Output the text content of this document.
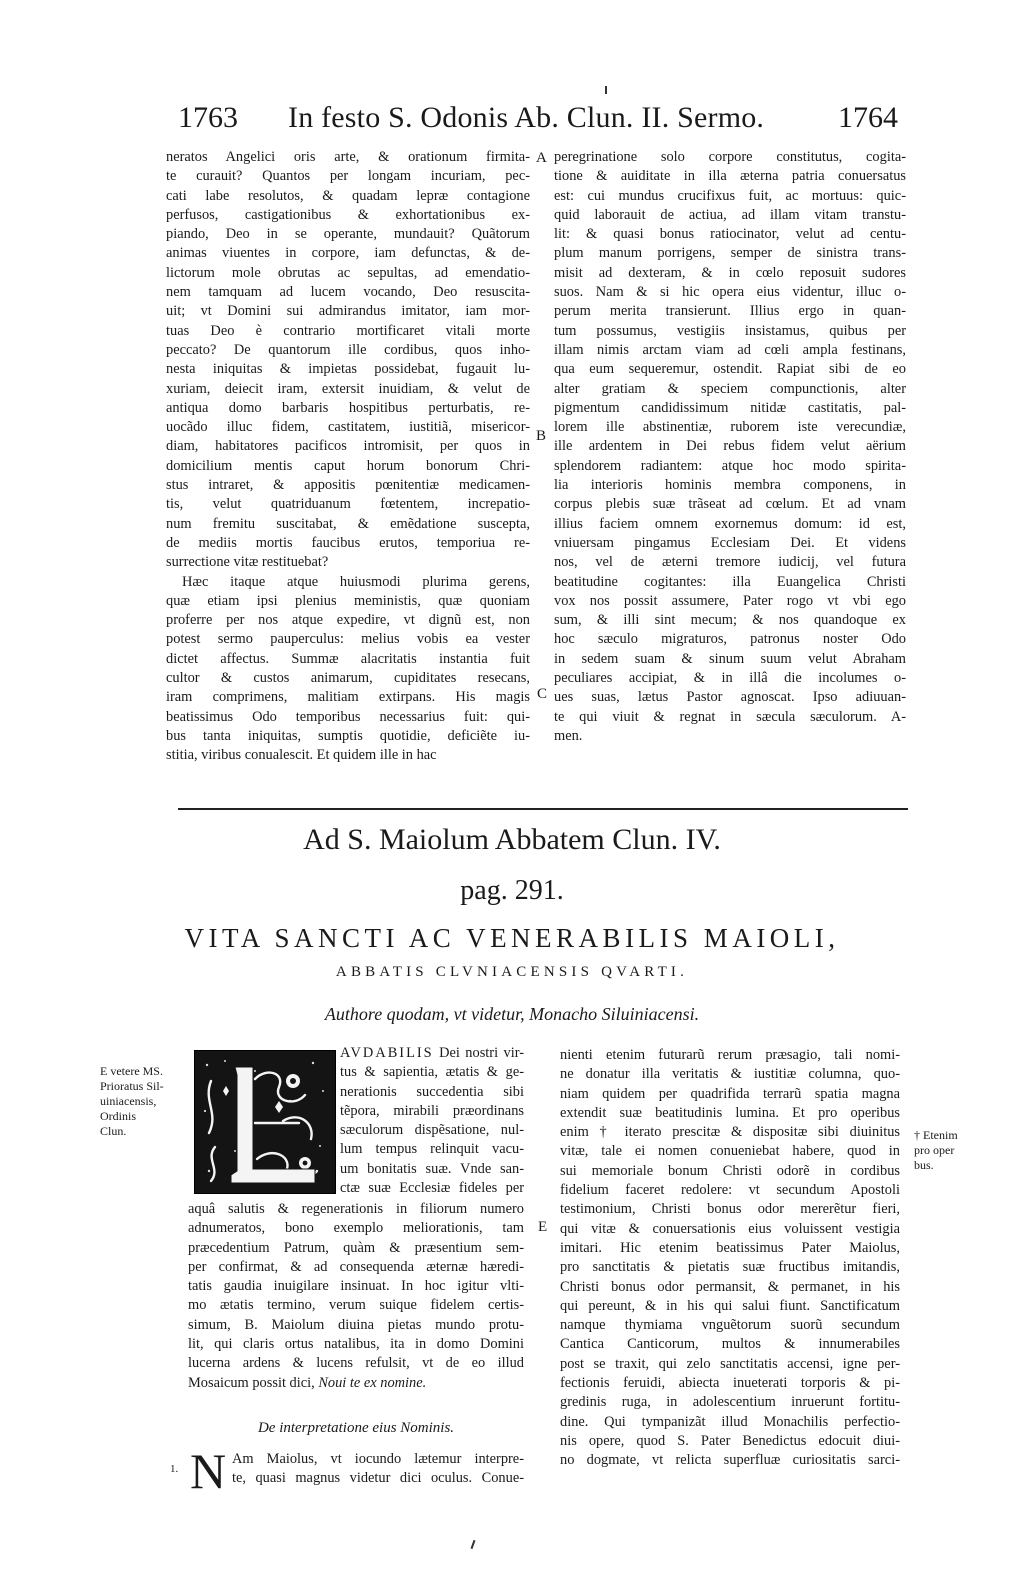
1763 In festo S. Odonis Ab. Clun. II. Sermo. 1764
neratos Angelici oris arte, & orationum firmita-
te curauit? Quantos per longam incuriam, pec-
cati labe resolutos, & quadam lepræ contagione
perfusos, castigationibus & exhortationibus ex-
piando, Deo in se operante, mundauit? Quãtorum
animas viuentes in corpore, iam defunctas, & de-
lictorum mole obrutas ac sepultas, ad emendatio-
nem tamquam ad lucem vocando, Deo resuscita-
uit; vt Domini sui admirandus imitator, iam mor-
tuas Deo è contrario mortificaret vitali morte
peccato? De quantorum ille cordibus, quos inho-
nesta iniquitas & impietas possidebat, fugauit lu-
xuriam, deiecit iram, extersit inuidiam, & velut de
antiqua domo barbaris hospitibus perturbatis, re-
uocãdo illuc fidem, castitatem, iustitiã, misericor-
diam, habitatores pacificos intromisit, per quos in
domicilium mentis caput horum bonorum Chri-
stus intraret, & appositis pœnitentiæ medicamen-
tis, velut quatriduanum fœtentem, increpatio-
num fremitu suscitabat, & emẽdatione suscepta,
de mediis mortis faucibus erutos, temporiua re-
surrectione vitæ restituebat?
Hæc itaque atque huiusmodi plurima gerens,
quæ etiam ipsi plenius meministis, quæ quoniam
proferre per nos atque expedire, vt dignũ est, non
potest sermo pauperculus: melius vobis ea vester
dictet affectus. Summæ alacritatis instantia fuit
cultor & custos animarum, cupiditates resecans,
iram comprimens, malitiam extirpans. His magis
beatissimus Odo temporibus necessarius fuit: qui-
bus tanta iniquitas, sumptis quotidie, deficiẽte iu-
stitia, viribus conualescit. Et quidem ille in hac
peregrinatione solo corpore constitutus, cogita-
tione & auiditate in illa æterna patria conuersatus
est: cui mundus crucifixus fuit, ac mortuus: quic-
quid laborauit de actiua, ad illam vitam transtu-
lit: & quasi bonus ratiocinator, velut ad centu-
plum manum porrigens, semper de sinistra trans-
misit ad dexteram, & in cœlo reposuit sudores
suos. Nam & si hic opera eius videntur, illuc o-
perum merita transierunt. Illius ergo in quan-
tum possumus, vestigiis insistamus, quibus per
illam nimis arctam viam ad cœli ampla festinans,
qua eum sequeremur, ostendit. Rapiat sibi de eo
alter gratiam & speciem compunctionis, alter
pigmentum candidissimum nitidæ castitatis, pal-
lorem ille abstinentiæ, ruborem iste verecundiæ,
ille ardentem in Dei rebus fidem velut aërium
splendorem radiantem: atque hoc modo spirita-
lia interioris hominis membra componens, in
corpus plebis suæ trãseat ad cœlum. Et ad vnam
illius faciem omnem exornemus domum: id est,
vniuersam pingamus Ecclesiam Dei. Et videns
nos, vel de æterni tremore iudicij, vel futura
beatitudine cogitantes: illa Euangelica Christi
vox nos possit assumere, Pater rogo vt vbi ego
sum, & illi sint mecum; & nos quandoque ex
hoc sæculo migraturos, patronus noster Odo
in sedem suam & sinum suum velut Abraham
peculiares accipiat, & in illâ die incolumes o-
ues suas, lætus Pastor agnoscat. Ipso adiuuan-
te qui viuit & regnat in sæcula sæculorum. A-
men.
A
B
C
Ad S. Maiolum Abbatem Clun. IV.
pag. 291.
VITA SANCTI AC VENERABILIS MAIOLI,
ABBATIS CLVNIACENSIS QVARTI.
Authore quodam, vt videtur, Monacho Siluiniacensi.
E vetere MS.
Prioratus Sil-
uiniacensis,
Ordinis
Clun.	† Etenim
pro oper
bus.
AVDABILIS Dei nostri vir-
tus & sapientia, ætatis & ge-
nerationis succedentia sibi
tẽpora, mirabili præordinans
sæculorum dispẽsatione, nul-
lum tempus relinquit vacu-
um bonitatis suæ. Vnde san-
ctæ suæ Ecclesiæ fideles per
aquâ salutis & regenerationis in filiorum numero
adnumeratos, bono exemplo meliorationis, tam
præcedentium Patrum, quàm & præsentium sem-
per confirmat, & ad consequenda æternæ hæredi-
tatis gaudia inuigilare insinuat. In hoc igitur vlti-
mo ætatis termino, verum suique fidelem certis-
simum, B. Maiolum diuina pietas mundo protu-
lit, qui claris ortus natalibus, ita in domo Domini
lucerna ardens & lucens refulsit, vt de eo illud
Mosaicum possit dici, Noui te ex nomine.
E
De interpretatione eius Nominis.
1. N Am Maiolus, vt iocundo lætemur interpre-
te, quasi magnus videtur dici oculus. Conue-
nienti etenim futurarũ rerum præsagio, tali nomi-
ne donatur illa veritatis & iustitiæ columna, quo-
niam quidem per quadrifida terrarũ spatia magna
extendit suæ beatitudinis lumina. Et pro operibus
enim † iterato prescitæ & dispositæ sibi diuinitus
vitæ, tale ei nomen conueniebat habere, quod in
sui memoriale bonum Christi odorẽ in cordibus
fidelium faceret redolere: vt secundum Apostoli
testimonium, Christi bonus odor mererẽtur fieri,
qui vitæ & conuersationis eius voluissent vestigia
imitari. Hic etenim beatissimus Pater Maiolus,
pro sanctitatis & pietatis suæ fructibus imitandis,
Christi bonus odor permansit, & permanet, in his
qui pereunt, & in his qui salui fiunt. Sanctificatum
namque thymiama vnguẽtorum suorũ secundum
Cantica Canticorum, multos & innumerabiles
post se traxit, qui zelo sanctitatis accensi, igne per-
fectionis feruidi, abiecta inueterati torporis & pi-
gredinis ruga, in adolescentium inruerunt fortitu-
dine. Qui tympanizãt illud Monachilis perfectio-
nis opere, quod S. Pater Benedictus edocuit diui-
no dogmate, vt relicta superfluæ curiositatis sarci-
